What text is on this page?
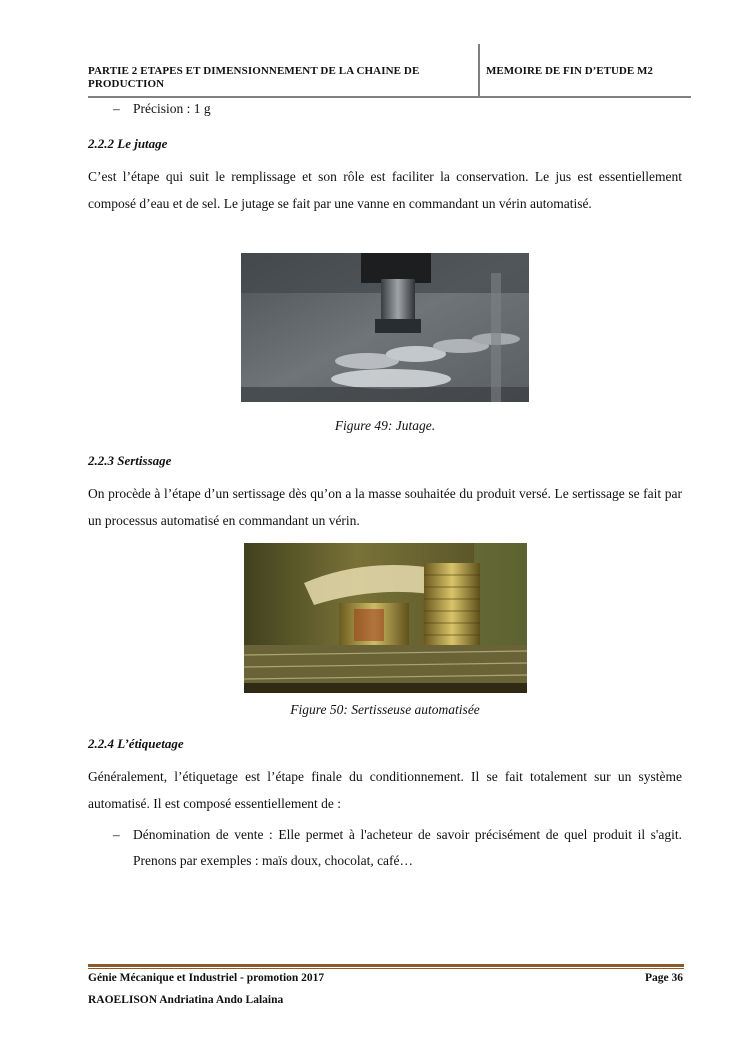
PARTIE 2 ETAPES ET DIMENSIONNEMENT DE LA CHAINE DE
PRODUCTION
MEMOIRE DE FIN D’ETUDE M2
– Précision : 1 g
2.2.2 Le jutage
C’est l’étape qui suit le remplissage et son rôle est faciliter la conservation. Le jus est essentiellement composé d’eau et de sel. Le jutage se fait par une vanne en commandant un vérin automatisé.
Figure 49: Jutage.
2.2.3 Sertissage
On procède à l’étape d’un sertissage dès qu’on a la masse souhaitée du produit versé. Le sertissage se fait par un processus automatisé en commandant un vérin.
Figure 50: Sertisseuse automatisée
2.2.4 L’étiquetage
Généralement, l’étiquetage est l’étape finale du conditionnement. Il se fait totalement sur un système automatisé. Il est composé essentiellement de :
– Dénomination de vente : Elle permet à l'acheteur de savoir précisément de quel produit il s'agit. Prenons par exemples : maïs doux, chocolat, café…
Génie Mécanique et Industriel - promotion 2017	Page 36
RAOELISON Andriatina Ando Lalaina
